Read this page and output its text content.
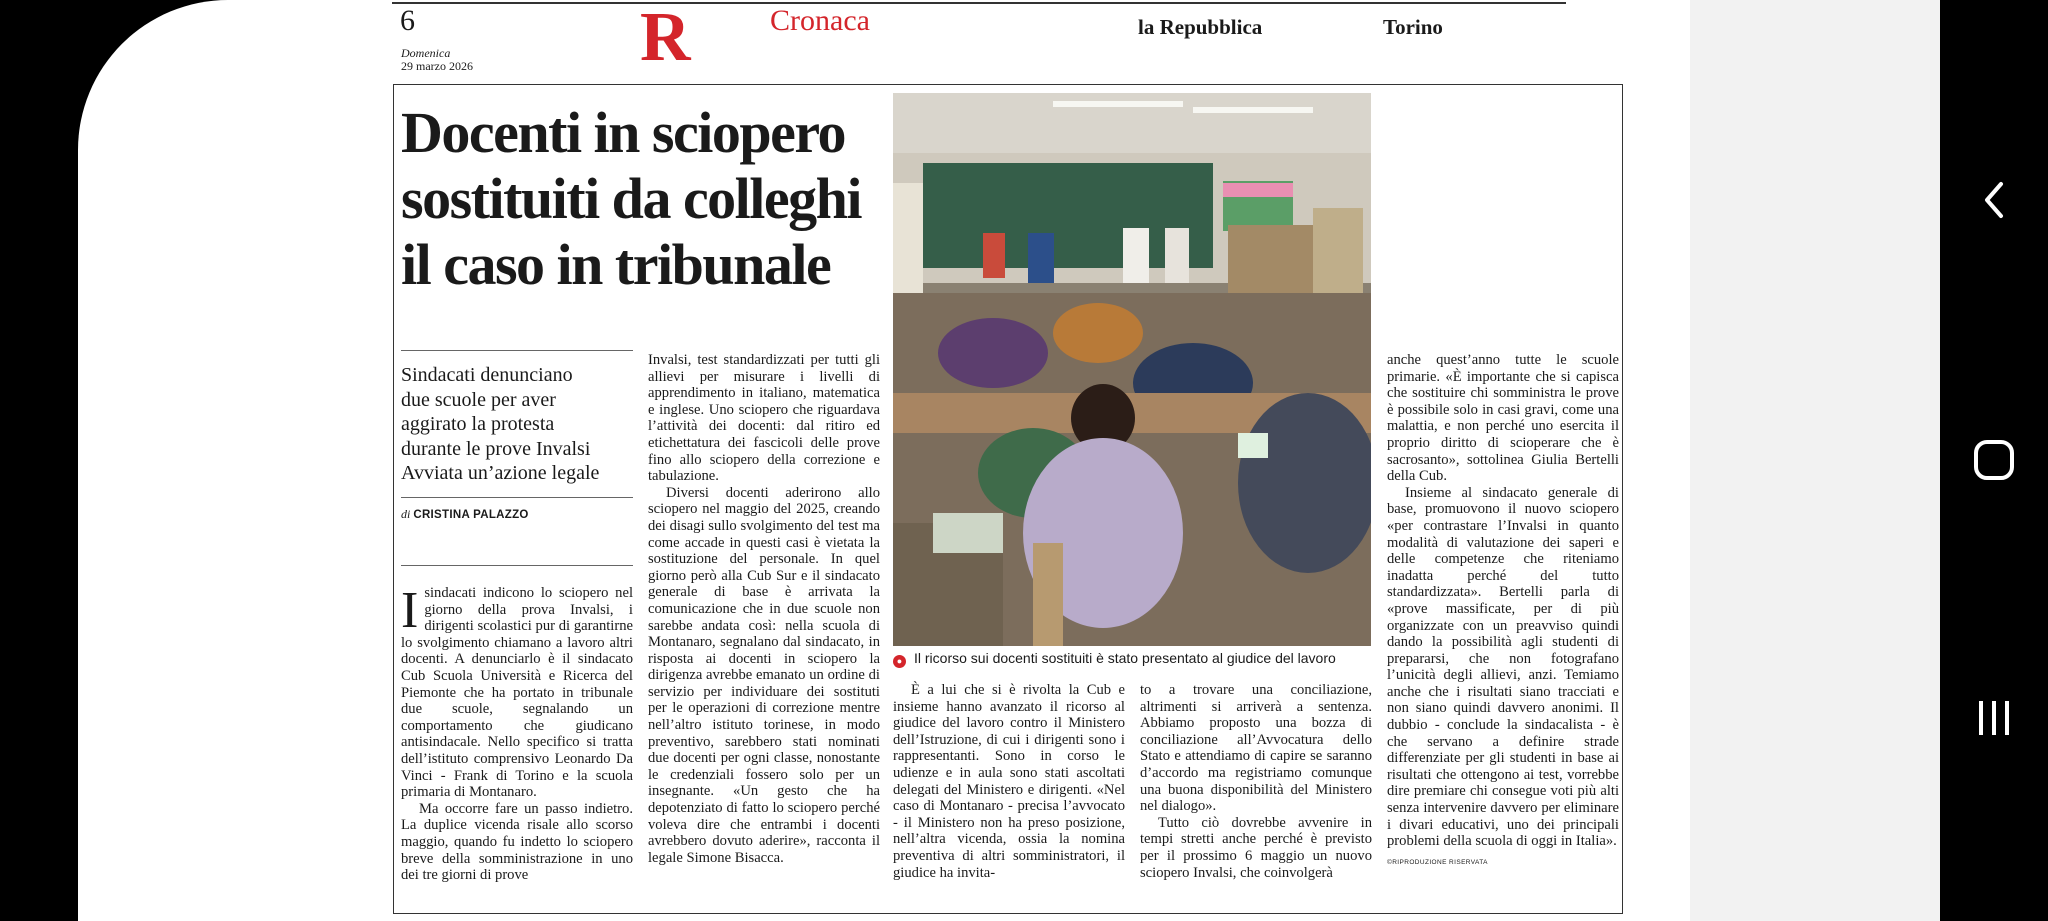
6
Domenica
29 marzo 2026 R	Cronaca	la Repubblica	Torino
Docenti in sciopero
sostituiti da colleghi
il caso in tribunale
Sindacati denunciano
due scuole per aver
aggirato la protesta
durante le prove Invalsi
Avviata un’azione legale
di CRISTINA PALAZZO

Isindacati indicono lo sciopero nel giorno della prova Invalsi, i dirigenti scolastici pur di garantirne lo svolgimento chiamano a lavoro altri docenti. A denunciarlo è il sindacato Cub Scuola Università e Ricerca del Piemonte che ha portato in tribunale due scuole, segnalando un comportamento che giudicano antisindacale. Nello specifico si tratta dell’istituto comprensivo Leonardo Da Vinci - Frank di Torino e la scuola primaria di Montanaro.

Ma occorre fare un passo indietro. La duplice vicenda risale allo scorso maggio, quando fu indetto lo sciopero breve della somministrazione in uno dei tre giorni di prove

Invalsi, test standardizzati per tutti gli allievi per misurare i livelli di apprendimento in italiano, matematica e inglese. Uno sciopero che riguardava l’attività dei docenti: dal ritiro ed etichettatura dei fascicoli delle prove fino allo sciopero della correzione e tabulazione.

Diversi docenti aderirono allo sciopero nel maggio del 2025, creando dei disagi sullo svolgimento del test ma come accade in questi casi è vietata la sostituzione del personale. In quel giorno però alla Cub Sur e il sindacato generale di base è arrivata la comunicazione che in due scuole non sarebbe andata così: nella scuola di Montanaro, segnalano dal sindacato, in risposta ai docenti in sciopero la dirigenza avrebbe emanato un ordine di servizio per individuare dei sostituti per le operazioni di correzione mentre nell’altro istituto torinese, in modo preventivo, sarebbero stati nominati due docenti per ogni classe, nonostante le credenziali fossero solo per un insegnante. «Un gesto che ha depotenziato di fatto lo sciopero perché voleva dire che entrambi i docenti avrebbero dovuto aderire», racconta il legale Simone Bisacca.

● Il ricorso sui docenti sostituiti è stato presentato al giudice del lavoro

È a lui che si è rivolta la Cub e insieme hanno avanzato il ricorso al giudice del lavoro contro il Ministero dell’Istruzione, di cui i dirigenti sono i rappresentanti. Sono in corso le udienze e in aula sono stati ascoltati delegati del Ministero e dirigenti. «Nel caso di Montanaro - precisa l’avvocato - il Ministero non ha preso posizione, nell’altra vicenda, ossia la nomina preventiva di altri somministratori, il giudice ha invita-

to a trovare una conciliazione, altrimenti si arriverà a sentenza. Abbiamo proposto una bozza di conciliazione all’Avvocatura dello Stato e attendiamo di capire se saranno d’accordo ma registriamo comunque una buona disponibilità del Ministero nel dialogo».

Tutto ciò dovrebbe avvenire in tempi stretti anche perché è previsto per il prossimo 6 maggio un nuovo sciopero Invalsi, che coinvolgerà

anche quest’anno tutte le scuole primarie. «È importante che si capisca che sostituire chi somministra le prove è possibile solo in casi gravi, come una malattia, e non perché uno esercita il proprio diritto di scioperare che è sacrosanto», sottolinea Giulia Bertelli della Cub.

Insieme al sindacato generale di base, promuovono il nuovo sciopero «per contrastare l’Invalsi in quanto modalità di valutazione dei saperi e delle competenze che riteniamo inadatta perché del tutto standardizzata». Bertelli parla di «prove massificate, per di più organizzate con un preavviso quindi dando la possibilità agli studenti di prepararsi, che non fotografano l’unicità degli allievi, anzi. Temiamo anche che i risultati siano tracciati e non siano quindi davvero anonimi. Il dubbio - conclude la sindacalista - è che servano a definire strade differenziate per gli studenti in base ai risultati che ottengono ai test, vorrebbe dire premiare chi consegue voti più alti senza intervenire davvero per eliminare i divari educativi, uno dei principali problemi della scuola di oggi in Italia».

©RIPRODUZIONE RISERVATA
